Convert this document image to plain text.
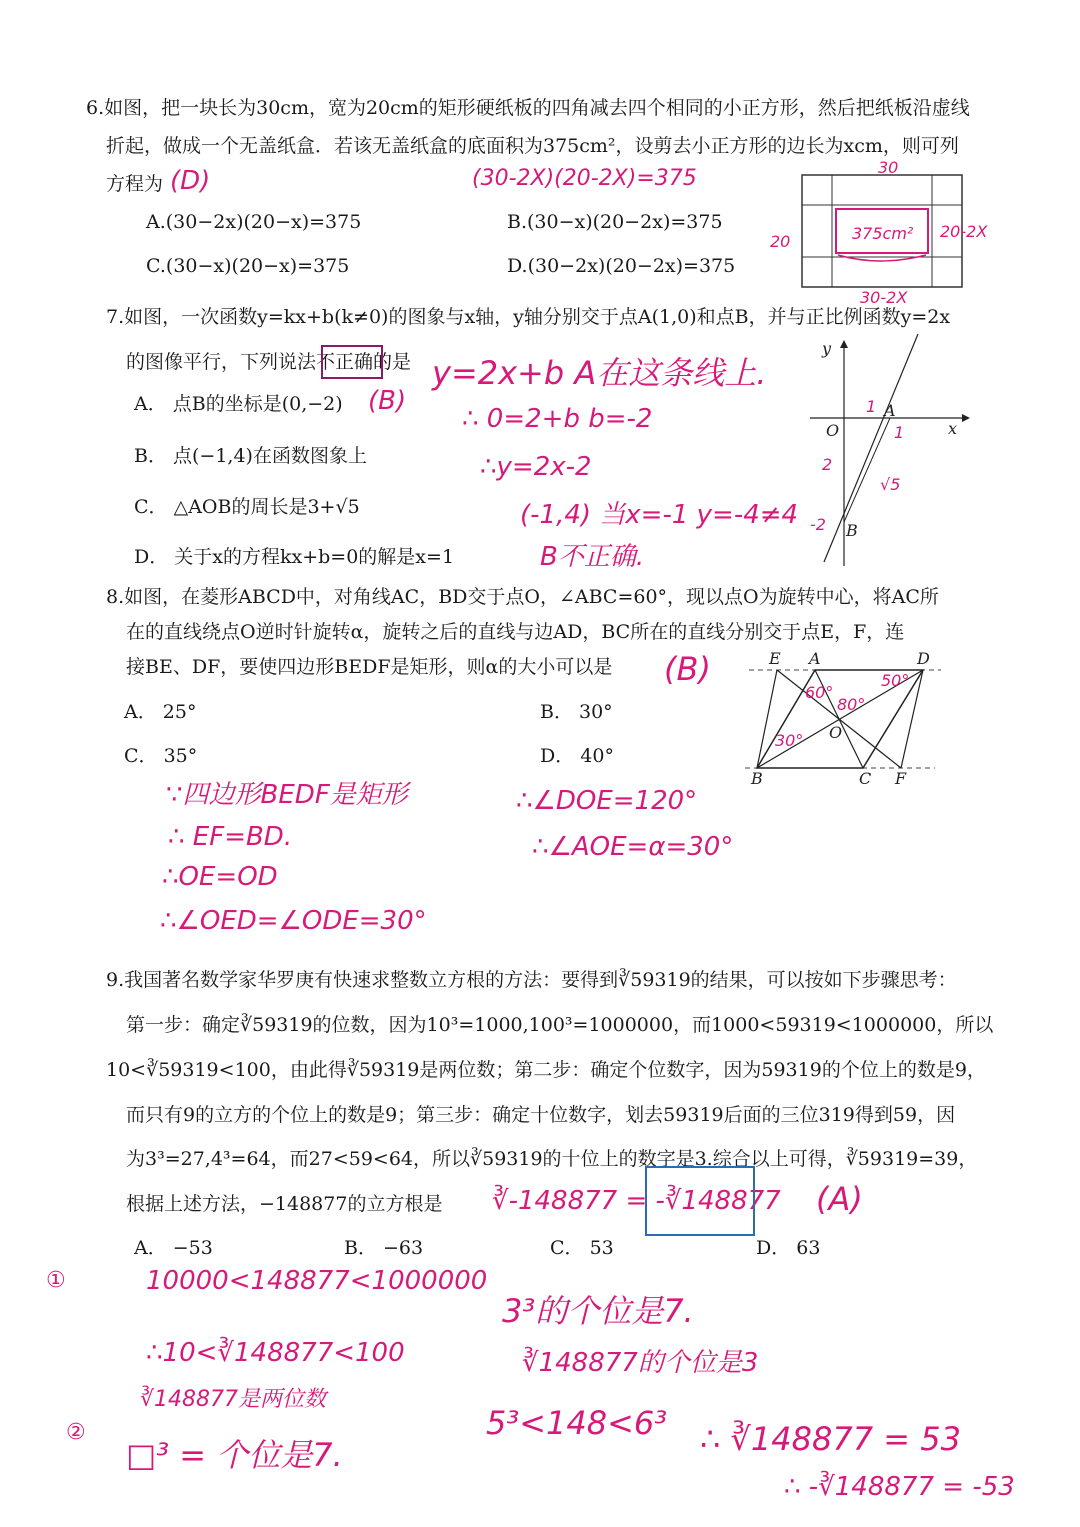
6.如图，把一块长为30cm，宽为20cm的矩形硬纸板的四角减去四个相同的小正方形，然后把纸板沿虚线
折起，做成一个无盖纸盒．若该无盖纸盒的底面积为375cm²，设剪去小正方形的边长为xcm，则可列
方程为 (D)	(30-2X)(20-2X)=375
A.(30−2x)(20−x)=375	B.(30−x)(20−2x)=375
C.(30−x)(20−x)=375	D.(30−2x)(20−2x)=375
30
20	375cm² 20-2X
30-2X
7.如图，一次函数y=kx+b(k≠0)的图象与x轴，y轴分别交于点A(1,0)和点B，并与正比例函数y=2x
的图像平行，下列说法不正确的是 y=2x+b A在这条线上.
(B)
∴ 0=2+b b=-2
∴y=2x-2
(-1,4) 当x=-1 y=-4≠4
B不正确.
A． 点B的坐标是(0,−2)
B． 点(−1,4)在函数图象上
C． △AOB的周长是3+√5
D． 关于x的方程kx+b=0的解是x=1
y
x
O
A
B
1
1
2
-2
√5
8.如图，在菱形ABCD中，对角线AC，BD交于点O，∠ABC=60°，现以点O为旋转中心，将AC所
在的直线绕点O逆时针旋转α，旋转之后的直线与边AD，BC所在的直线分别交于点E，F，连
接BE、DF，要使四边形BEDF是矩形，则α的大小可以是 (B)
A． 25°	B． 30°
C． 35°	D． 40°
∵四边形BEDF是矩形
∴ EF=BD.
∴OE=OD
∴∠OED=∠ODE=30°
∴∠DOE=120°
∴∠AOE=α=30°
E A	D
O
B	C F
60°
80°
50°
30°
9.我国著名数学家华罗庚有快速求整数立方根的方法：要得到∛59319的结果，可以按如下步骤思考：
第一步：确定∛59319的位数，因为10³=1000,100³=1000000，而1000<59319<1000000，所以
10<∛59319<100，由此得∛59319是两位数；第二步：确定个位数字，因为59319的个位上的数是9，
而只有9的立方的个位上的数是9；第三步：确定十位数字，划去59319后面的三位319得到59，因
为3³=27,4³=64，而27<59<64，所以∛59319的十位上的数字是3.综合以上可得，∛59319=39，
根据上述方法，−148877的立方根是 ∛-148877 = -∛148877 (A)
A． −53	B． −63	C． 53	D． 63
①	10000<148877<1000000
∴10<∛148877<100
∛148877是两位数
②
□³ = 个位是7.
3³的个位是7.
∛148877的个位是3
5³<148<6³ ∴ ∛148877 = 53
∴ -∛148877 = -53
